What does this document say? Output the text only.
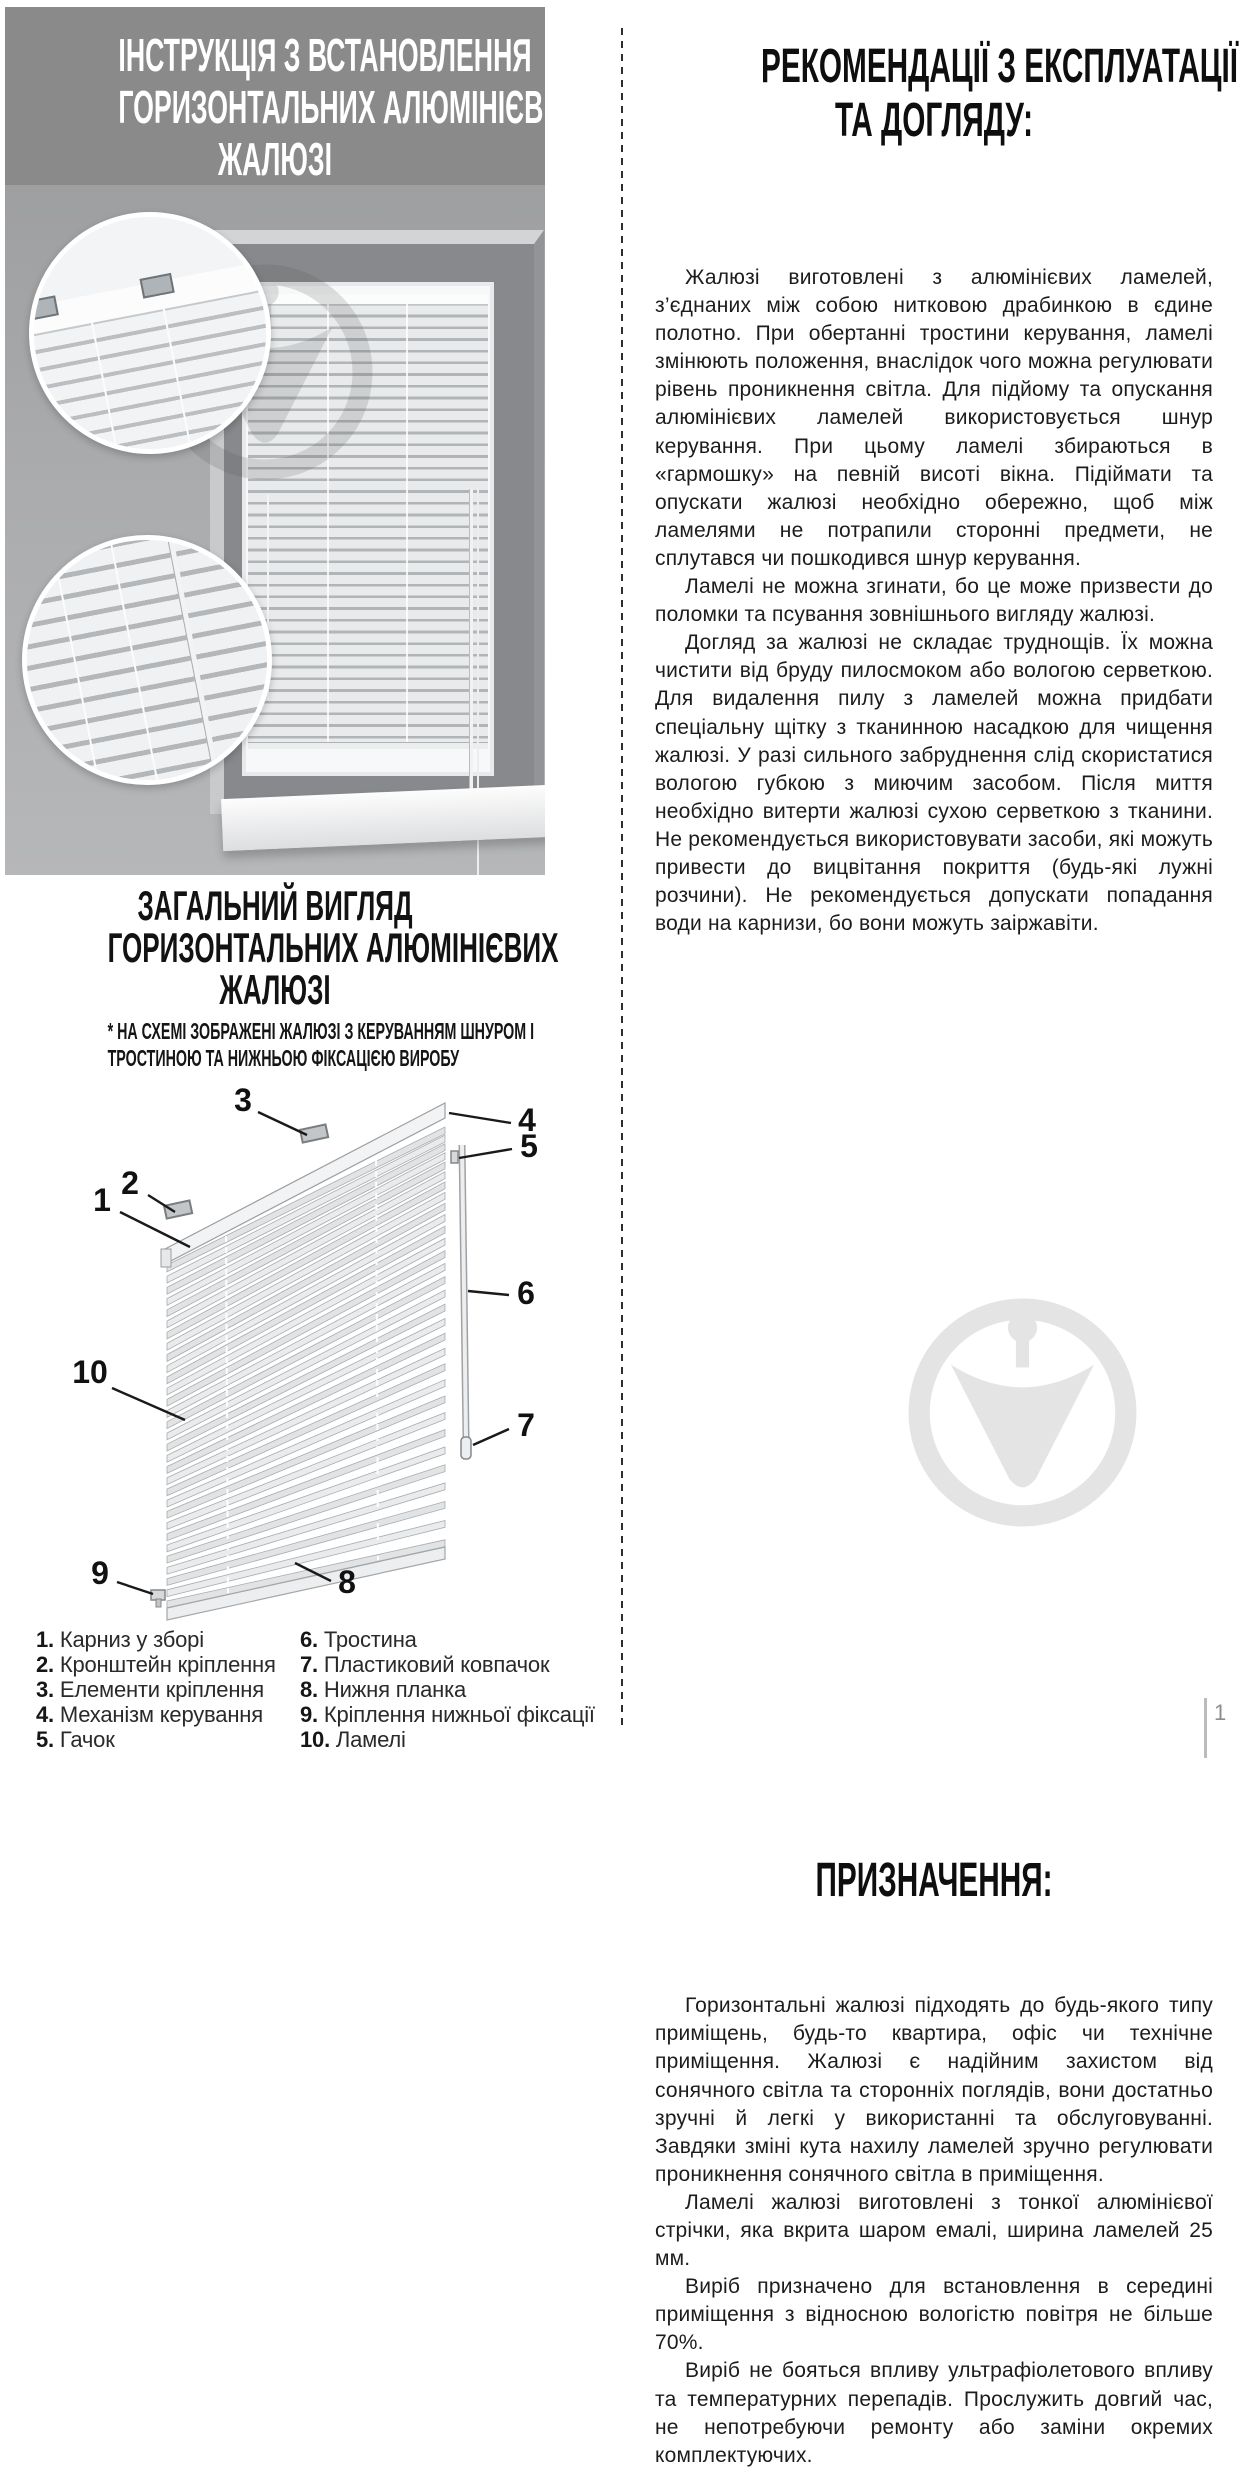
ІНСТРУКЦІЯ З ВСТАНОВЛЕННЯ
ГОРИЗОНТАЛЬНИХ АЛЮМІНІЄВИХ
ЖАЛЮЗІ
ЗАГАЛЬНИЙ ВИГЛЯД
ГОРИЗОНТАЛЬНИХ АЛЮМІНІЄВИХ
ЖАЛЮЗІ
* НА СХЕМІ ЗОБРАЖЕНІ ЖАЛЮЗІ З КЕРУВАННЯМ ШНУРОМ І
ТРОСТИНОЮ ТА НИЖНЬОЮ ФІКСАЦІЄЮ ВИРОБУ
1 2
3
4
5
6
7
8
9
10
1. Карниз у зборі
2. Кронштейн кріплення
3. Елементи кріплення
4. Механізм керування
5. Гачок
6. Тростина
7. Пластиковий ковпачок
8. Нижня планка
9. Кріплення нижньої фіксації
10. Ламелі
РЕКОМЕНДАЦІЇ З ЕКСПЛУАТАЦІЇ
ТА ДОГЛЯДУ:

Жалюзі виготовлені з алюмінієвих ламелей, з’єднаних між собою нитковою драбинкою в єдине полотно. При обертанні тростини керування, ламелі змінюють положення, внаслідок чого можна регулювати рівень проникнення світла. Для підйому та опускання алюмінієвих ламелей використовується шнур керування. При цьому ламелі збираються в «гармошку» на певній висоті вікна. Підіймати та опускати жалюзі необхідно обережно, щоб між ламелями не потрапили сторонні предмети, не сплутався чи пошкодився шнур керування.

Ламелі не можна згинати, бо це може призвести до поломки та псування зовнішнього вигляду жалюзі.

Догляд за жалюзі не складає труднощів. Їх можна чистити від бруду пилосмоком або вологою серветкою. Для видалення пилу з ламелей можна придбати спеціальну щітку з тканинною насадкою для чищення жалюзі. У разі сильного забруднення слід скористатися вологою губкою з миючим засобом. Після миття необхідно витерти жалюзі сухою серветкою з тканини. Не рекомендується використовувати засоби, які можуть привести до вицвітання покриття (будь-які лужні розчини). Не рекомендується допускати попадання води на карнизи, бо вони можуть заіржавіти.

ПРИЗНАЧЕННЯ:

Горизонтальні жалюзі підходять до будь-якого типу приміщень, будь-то квартира, офіс чи технічне приміщення. Жалюзі є надійним захистом від сонячного світла та сторонніх поглядів, вони достатньо зручні й легкі у використанні та обслуговуванні. Завдяки зміні кута нахилу ламелей зручно регулювати проникнення сонячного світла в приміщення.

Ламелі жалюзі виготовлені з тонкої алюмінієвої стрічки, яка вкрита шаром емалі, ширина ламелей 25 мм.

Виріб призначено для встановлення в середині приміщення з відносною вологістю повітря не більше 70%.

Виріб не бояться впливу ультрафіолетового впливу та температурних перепадів. Прослужить довгий час, не непотребуючи ремонту або заміни окремих комплектуючих.

1
